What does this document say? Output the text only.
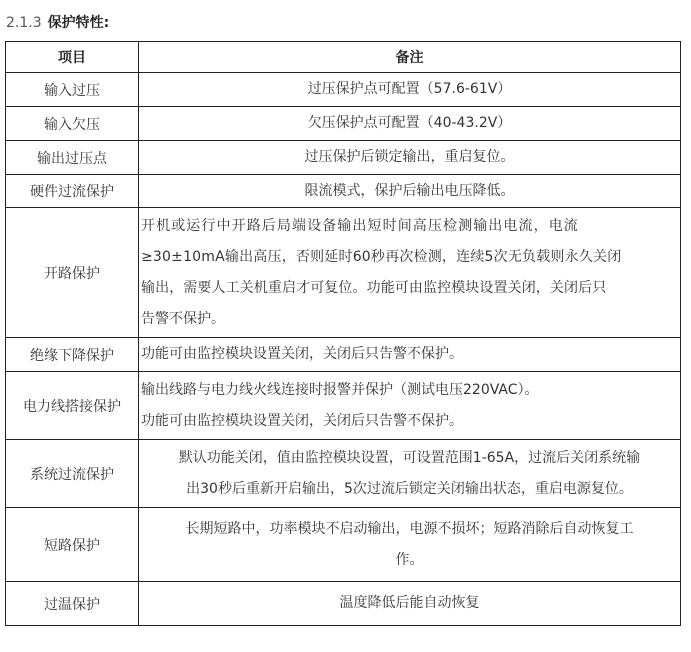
2.1.3 保护特性:
项目	备注
输入过压	过压保护点可配置（57.6-61V）

输入欠压	欠压保护点可配置（40-43.2V）

输出过压点	过压保护后锁定输出，重启复位。

硬件过流保护	限流模式，保护后输出电压降低。

开路保护	开机或运行中开路后局端设备输出短时间高压检测输出电流，电流
≥30±10mA输出高压，否则延时60秒再次检测，连续5次无负载则永久关闭
输出，需要人工关机重启才可复位。功能可由监控模块设置关闭，关闭后只
告警不保护。

绝缘下降保护	功能可由监控模块设置关闭，关闭后只告警不保护。

电力线搭接保护	输出线路与电力线火线连接时报警并保护（测试电压220VAC）。
功能可由监控模块设置关闭，关闭后只告警不保护。

系统过流保护	默认功能关闭，值由监控模块设置，可设置范围1-65A，过流后关闭系统输
出30秒后重新开启输出，5次过流后锁定关闭输出状态，重启电源复位。

短路保护	长期短路中，功率模块不启动输出，电源不损坏；短路消除后自动恢复工
作。

过温保护	温度降低后能自动恢复
